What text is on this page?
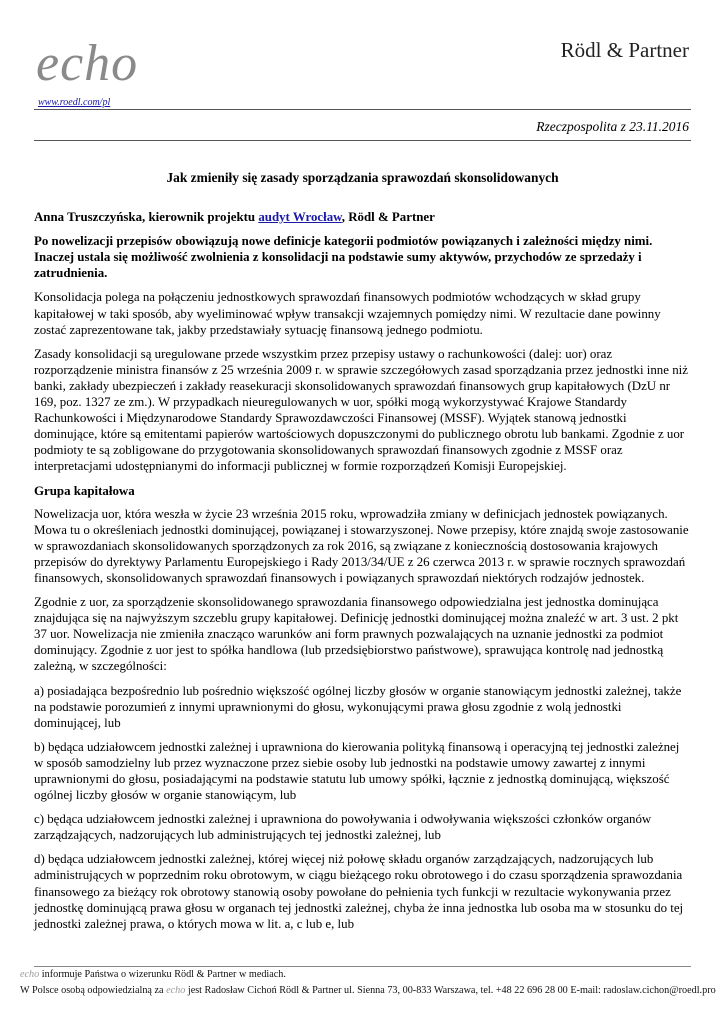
echo
www.roedl.com/pl
Rödl & Partner
Rzeczpospolita z 23.11.2016
Jak zmieniły się zasady sporządzania sprawozdań skonsolidowanych
Anna Truszczyńska, kierownik projektu audyt Wrocław, Rödl & Partner
Po nowelizacji przepisów obowiązują nowe definicje kategorii podmiotów powiązanych i zależności między nimi. Inaczej ustala się możliwość zwolnienia z konsolidacji na podstawie sumy aktywów, przychodów ze sprzedaży i zatrudnienia.
Konsolidacja polega na połączeniu jednostkowych sprawozdań finansowych podmiotów wchodzących w skład grupy kapitałowej w taki sposób, aby wyeliminować wpływ transakcji wzajemnych pomiędzy nimi. W rezultacie dane powinny zostać zaprezentowane tak, jakby przedstawiały sytuację finansową jednego podmiotu.
Zasady konsolidacji są uregulowane przede wszystkim przez przepisy ustawy o rachunkowości (dalej: uor) oraz rozporządzenie ministra finansów z 25 września 2009 r. w sprawie szczegółowych zasad sporządzania przez jednostki inne niż banki, zakłady ubezpieczeń i zakłady reasekuracji skonsolidowanych sprawozdań finansowych grup kapitałowych (DzU nr 169, poz. 1327 ze zm.). W przypadkach nieuregulowanych w uor, spółki mogą wykorzystywać Krajowe Standardy Rachunkowości i Międzynarodowe Standardy Sprawozdawczości Finansowej (MSSF). Wyjątek stanową jednostki dominujące, które są emitentami papierów wartościowych dopuszczonymi do publicznego obrotu lub bankami. Zgodnie z uor podmioty te są zobligowane do przygotowania skonsolidowanych sprawozdań finansowych zgodnie z MSSF oraz interpretacjami udostępnianymi do informacji publicznej w formie rozporządzeń Komisji Europejskiej.
Grupa kapitałowa
Nowelizacja uor, która weszła w życie 23 września 2015 roku, wprowadziła zmiany w definicjach jednostek powiązanych. Mowa tu o określeniach jednostki dominującej, powiązanej i stowarzyszonej. Nowe przepisy, które znajdą swoje zastosowanie w sprawozdaniach skonsolidowanych sporządzonych za rok 2016, są związane z koniecznością dostosowania krajowych przepisów do dyrektywy Parlamentu Europejskiego i Rady 2013/34/UE z 26 czerwca 2013 r. w sprawie rocznych sprawozdań finansowych, skonsolidowanych sprawozdań finansowych i powiązanych sprawozdań niektórych rodzajów jednostek.
Zgodnie z uor, za sporządzenie skonsolidowanego sprawozdania finansowego odpowiedzialna jest jednostka dominująca znajdująca się na najwyższym szczeblu grupy kapitałowej. Definicję jednostki dominującej można znaleźć w art. 3 ust. 2 pkt 37 uor. Nowelizacja nie zmieniła znacząco warunków ani form prawnych pozwalających na uznanie jednostki za podmiot dominujący. Zgodnie z uor jest to spółka handlowa (lub przedsiębiorstwo państwowe), sprawująca kontrolę nad jednostką zależną, w szczególności:
a) posiadająca bezpośrednio lub pośrednio większość ogólnej liczby głosów w organie stanowiącym jednostki zależnej, także na podstawie porozumień z innymi uprawnionymi do głosu, wykonującymi prawa głosu zgodnie z wolą jednostki dominującej, lub
b) będąca udziałowcem jednostki zależnej i uprawniona do kierowania polityką finansową i operacyjną tej jednostki zależnej w sposób samodzielny lub przez wyznaczone przez siebie osoby lub jednostki na podstawie umowy zawartej z innymi uprawnionymi do głosu, posiadającymi na podstawie statutu lub umowy spółki, łącznie z jednostką dominującą, większość ogólnej liczby głosów w organie stanowiącym, lub
c) będąca udziałowcem jednostki zależnej i uprawniona do powoływania i odwoływania większości członków organów zarządzających, nadzorujących lub administrujących tej jednostki zależnej, lub
d) będąca udziałowcem jednostki zależnej, której więcej niż połowę składu organów zarządzających, nadzorujących lub administrujących w poprzednim roku obrotowym, w ciągu bieżącego roku obrotowego i do czasu sporządzenia sprawozdania finansowego za bieżący rok obrotowy stanowią osoby powołane do pełnienia tych funkcji w rezultacie wykonywania przez jednostkę dominującą prawa głosu w organach tej jednostki zależnej, chyba że inna jednostka lub osoba ma w stosunku do tej jednostki zależnej prawa, o których mowa w lit. a, c lub e, lub
echo informuje Państwa o wizerunku Rödl & Partner w mediach.
W Polsce osobą odpowiedzialną za echo jest Radosław Cichoń Rödl & Partner ul. Sienna 73, 00-833 Warszawa, tel. +48 22 696 28 00 E-mail: radoslaw.cichon@roedl.pro
